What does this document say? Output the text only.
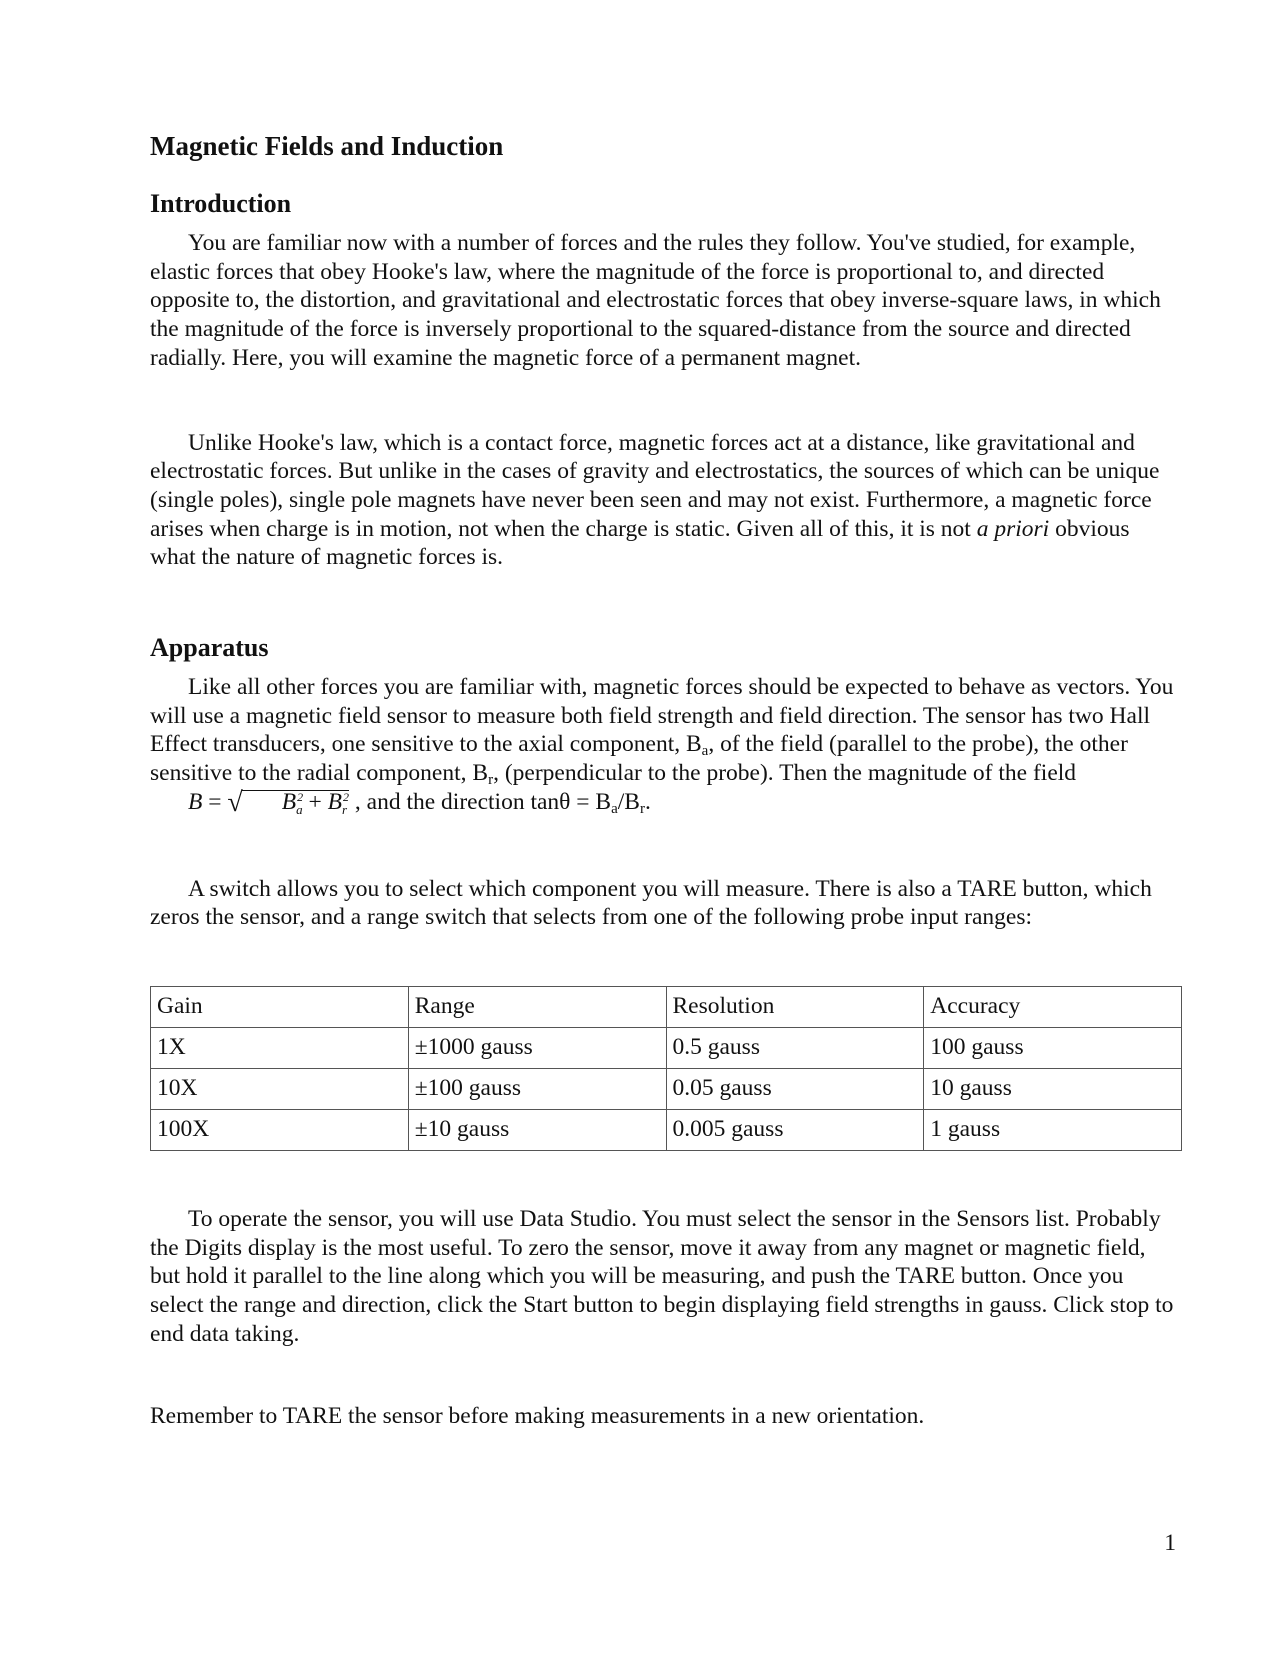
Magnetic Fields and Induction
Introduction

You are familiar now with a number of forces and the rules they follow. You've studied, for example, elastic forces that obey Hooke's law, where the magnitude of the force is proportional to, and directed opposite to, the distortion, and gravitational and electrostatic forces that obey inverse-square laws, in which the magnitude of the force is inversely proportional to the squared-distance from the source and directed radially. Here, you will examine the magnetic force of a permanent magnet.

Unlike Hooke's law, which is a contact force, magnetic forces act at a distance, like gravitational and electrostatic forces. But unlike in the cases of gravity and electrostatics, the sources of which can be unique (single poles), single pole magnets have never been seen and may not exist. Furthermore, a magnetic force arises when charge is in motion, not when the charge is static. Given all of this, it is not a priori obvious what the nature of magnetic forces is.

Apparatus

Like all other forces you are familiar with, magnetic forces should be expected to behave as vectors. You will use a magnetic field sensor to measure both field strength and field direction. The sensor has two Hall Effect transducers, one sensitive to the axial component, $B_a$, of the field (parallel to the probe), the other sensitive to the radial component, $B_r$, (perpendicular to the probe). Then the magnitude of the field B = √ $B^2_a + B^2_r$ , and the direction $\tan\theta = B_a/B_r$.

A switch allows you to select which component you will measure. There is also a TARE button, which zeros the sensor, and a range switch that selects from one of the following probe input ranges:

Gain	Range	Resolution	Accuracy
1X	±1000 gauss	0.5 gauss	100 gauss
10X	±100 gauss	0.05 gauss	10 gauss
100X	±10 gauss	0.005 gauss	1 gauss

To operate the sensor, you will use Data Studio. You must select the sensor in the Sensors list. Probably the Digits display is the most useful. To zero the sensor, move it away from any magnet or magnetic field, but hold it parallel to the line along which you will be measuring, and push the TARE button. Once you select the range and direction, click the Start button to begin displaying field strengths in gauss. Click stop to end data taking.

Remember to TARE the sensor before making measurements in a new orientation.

1
